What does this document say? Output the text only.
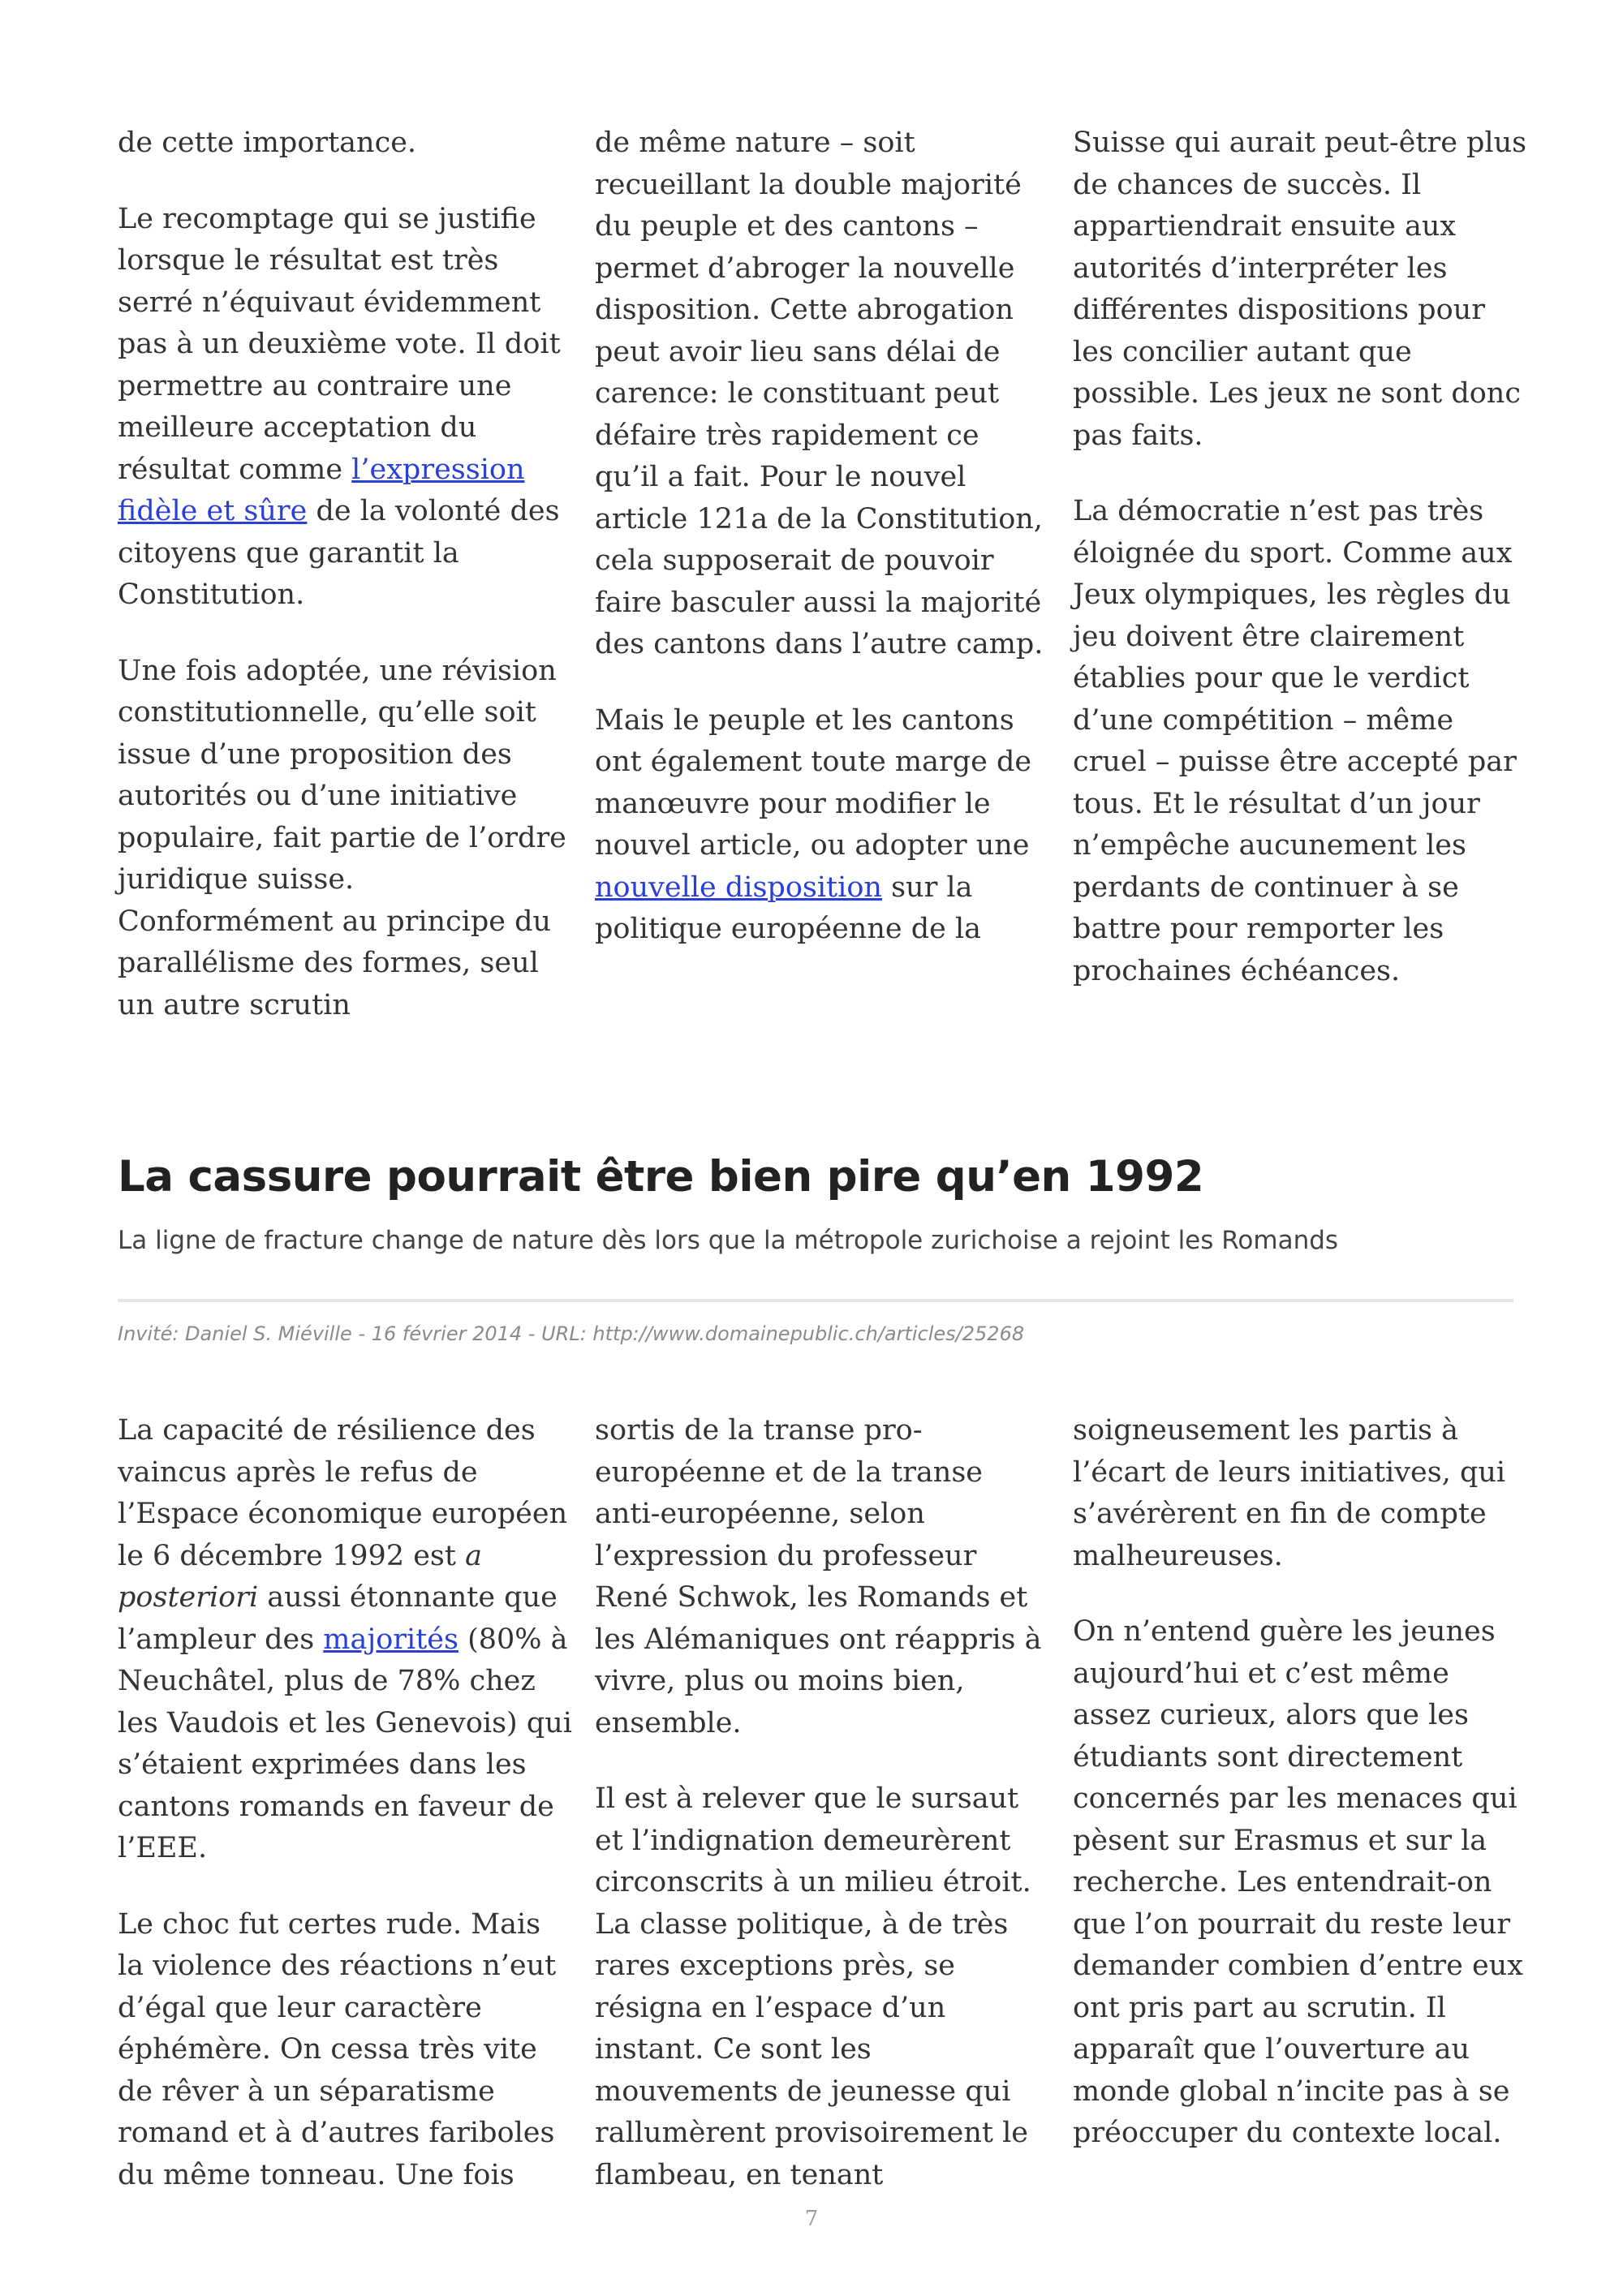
de cette importance.

Le recomptage qui se justifie lorsque le résultat est très serré n’équivaut évidemment pas à un deuxième vote. Il doit permettre au contraire une meilleure acceptation du résultat comme l’expression fidèle et sûre de la volonté des citoyens que garantit la Constitution.

Une fois adoptée, une révision constitutionnelle, qu’elle soit issue d’une proposition des autorités ou d’une initiative populaire, fait partie de l’ordre juridique suisse. Conformément au principe du parallélisme des formes, seul un autre scrutin

de même nature – soit recueillant la double majorité du peuple et des cantons – permet d’abroger la nouvelle disposition. Cette abrogation peut avoir lieu sans délai de carence: le constituant peut défaire très rapidement ce qu’il a fait. Pour le nouvel article 121a de la Constitution, cela supposerait de pouvoir faire basculer aussi la majorité des cantons dans l’autre camp.

Mais le peuple et les cantons ont également toute marge de manœuvre pour modifier le nouvel article, ou adopter une nouvelle disposition sur la politique européenne de la

Suisse qui aurait peut-être plus de chances de succès. Il appartiendrait ensuite aux autorités d’interpréter les différentes dispositions pour les concilier autant que possible. Les jeux ne sont donc pas faits.

La démocratie n’est pas très éloignée du sport. Comme aux Jeux olympiques, les règles du jeu doivent être clairement établies pour que le verdict d’une compétition – même cruel – puisse être accepté par tous. Et le résultat d’un jour n’empêche aucunement les perdants de continuer à se battre pour remporter les prochaines échéances.

La cassure pourrait être bien pire qu’en 1992

La ligne de fracture change de nature dès lors que la métropole zurichoise a rejoint les Romands

Invité: Daniel S. Miéville - 16 février 2014 - URL: http://www.domainepublic.ch/articles/25268

La capacité de résilience des vaincus après le refus de l’Espace économique européen le 6 décembre 1992 est a posteriori aussi étonnante que l’ampleur des majorités (80% à Neuchâtel, plus de 78% chez les Vaudois et les Genevois) qui s’étaient exprimées dans les cantons romands en faveur de l’EEE.

Le choc fut certes rude. Mais la violence des réactions n’eut d’égal que leur caractère éphémère. On cessa très vite de rêver à un séparatisme romand et à d’autres fariboles du même tonneau. Une fois

sortis de la transe pro-européenne et de la transe anti-européenne, selon l’expression du professeur René Schwok, les Romands et les Alémaniques ont réappris à vivre, plus ou moins bien, ensemble.

Il est à relever que le sursaut et l’indignation demeurèrent circonscrits à un milieu étroit. La classe politique, à de très rares exceptions près, se résigna en l’espace d’un instant. Ce sont les mouvements de jeunesse qui rallumèrent provisoirement le flambeau, en tenant

soigneusement les partis à l’écart de leurs initiatives, qui s’avérèrent en fin de compte malheureuses.

On n’entend guère les jeunes aujourd’hui et c’est même assez curieux, alors que les étudiants sont directement concernés par les menaces qui pèsent sur Erasmus et sur la recherche. Les entendrait-on que l’on pourrait du reste leur demander combien d’entre eux ont pris part au scrutin. Il apparaît que l’ouverture au monde global n’incite pas à se préoccuper du contexte local.

7
